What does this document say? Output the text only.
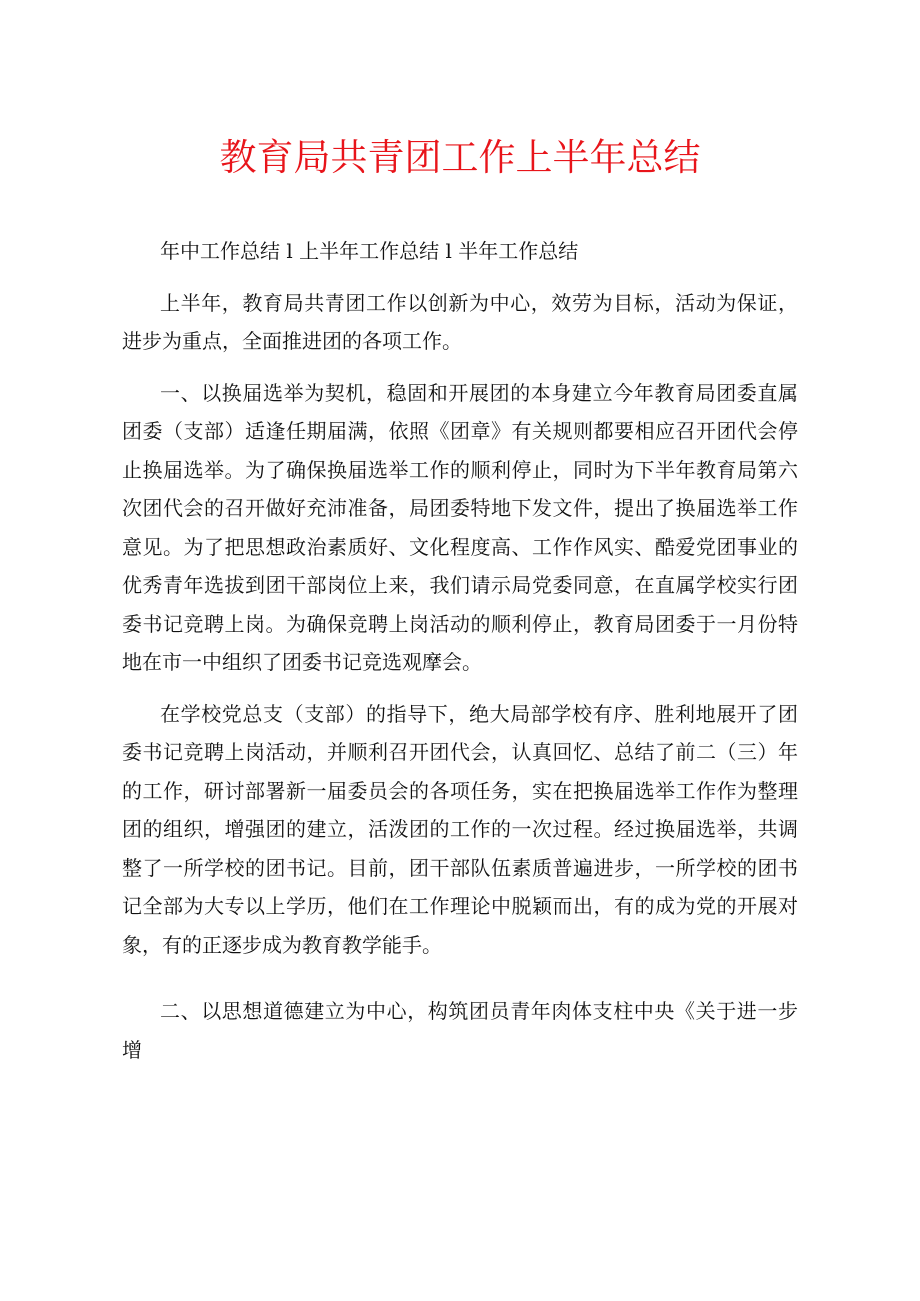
教育局共青团工作上半年总结

年中工作总结 l 上半年工作总结 l 半年工作总结

上半年，教育局共青团工作以创新为中心，效劳为目标，活动为保证，进步为重点，全面推进团的各项工作。

一、以换届选举为契机，稳固和开展团的本身建立今年教育局团委直属团委（支部）适逢任期届满，依照《团章》有关规则都要相应召开团代会停止换届选举。为了确保换届选举工作的顺利停止，同时为下半年教育局第六次团代会的召开做好充沛准备，局团委特地下发文件，提出了换届选举工作意见。为了把思想政治素质好、文化程度高、工作作风实、酷爱党团事业的优秀青年选拔到团干部岗位上来，我们请示局党委同意，在直属学校实行团委书记竞聘上岗。为确保竞聘上岗活动的顺利停止，教育局团委于一月份特地在市一中组织了团委书记竞选观摩会。

在学校党总支（支部）的指导下，绝大局部学校有序、胜利地展开了团委书记竞聘上岗活动，并顺利召开团代会，认真回忆、总结了前二（三）年的工作，研讨部署新一届委员会的各项任务，实在把换届选举工作作为整理团的组织，增强团的建立，活泼团的工作的一次过程。经过换届选举，共调整了一所学校的团书记。目前，团干部队伍素质普遍进步，一所学校的团书记全部为大专以上学历，他们在工作理论中脱颖而出，有的成为党的开展对象，有的正逐步成为教育教学能手。

二、以思想道德建立为中心，构筑团员青年肉体支柱中央《关于进一步增
